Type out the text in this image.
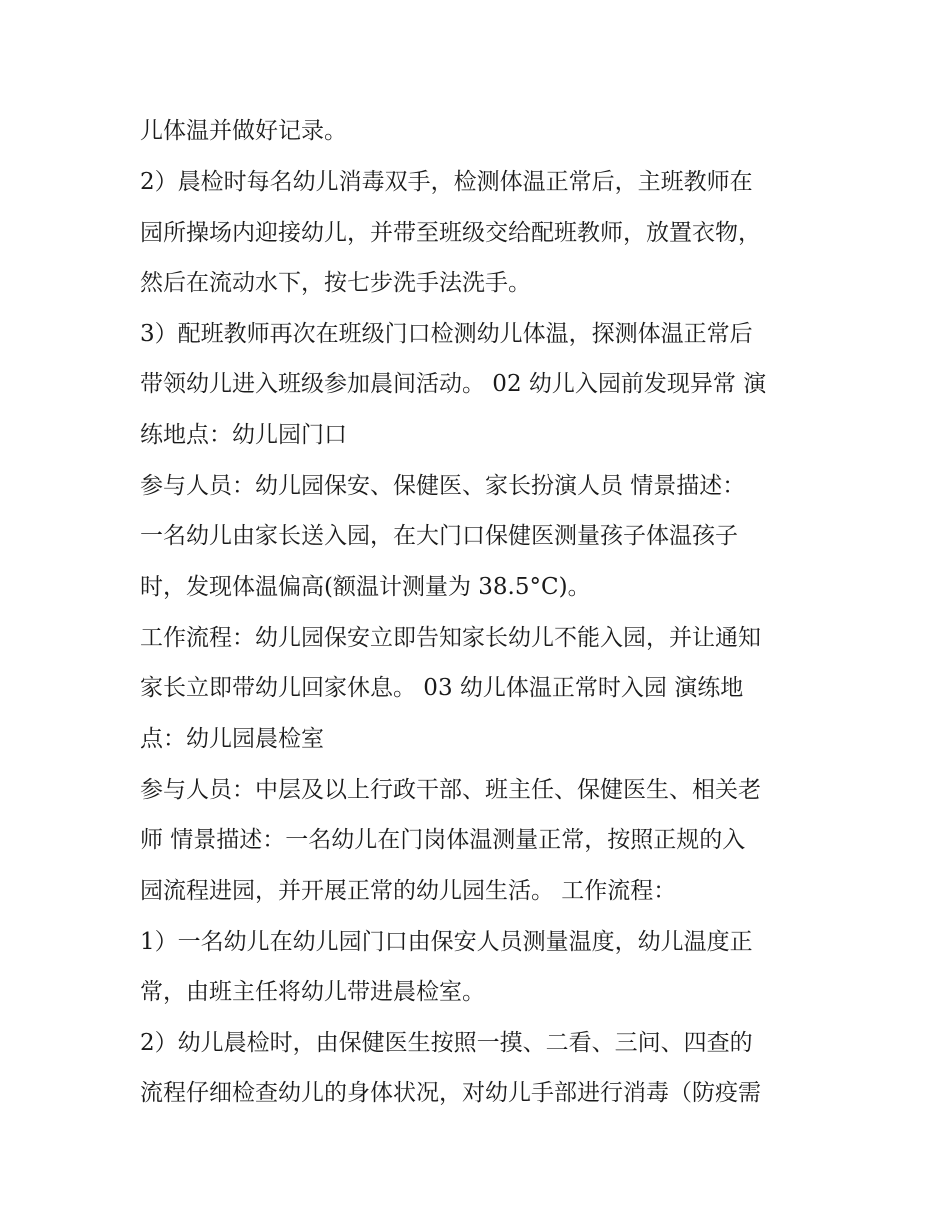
儿体温并做好记录。
2）晨检时每名幼儿消毒双手，检测体温正常后，主班教师在
园所操场内迎接幼儿，并带至班级交给配班教师，放置衣物，
然后在流动水下，按七步洗手法洗手。
3）配班教师再次在班级门口检测幼儿体温，探测体温正常后
带领幼儿进入班级参加晨间活动。 02 幼儿入园前发现异常 演
练地点：幼儿园门口
参与人员：幼儿园保安、保健医、家长扮演人员 情景描述：
一名幼儿由家长送入园，在大门口保健医测量孩子体温孩子
时，发现体温偏高(额温计测量为 38.5°C)。
工作流程：幼儿园保安立即告知家长幼儿不能入园，并让通知
家长立即带幼儿回家休息。 03 幼儿体温正常时入园 演练地
点：幼儿园晨检室
参与人员：中层及以上行政干部、班主任、保健医生、相关老
师 情景描述：一名幼儿在门岗体温测量正常，按照正规的入
园流程进园，并开展正常的幼儿园生活。 工作流程：
1）一名幼儿在幼儿园门口由保安人员测量温度，幼儿温度正
常，由班主任将幼儿带进晨检室。
2）幼儿晨检时，由保健医生按照一摸、二看、三问、四查的
流程仔细检查幼儿的身体状况，对幼儿手部进行消毒（防疫需
